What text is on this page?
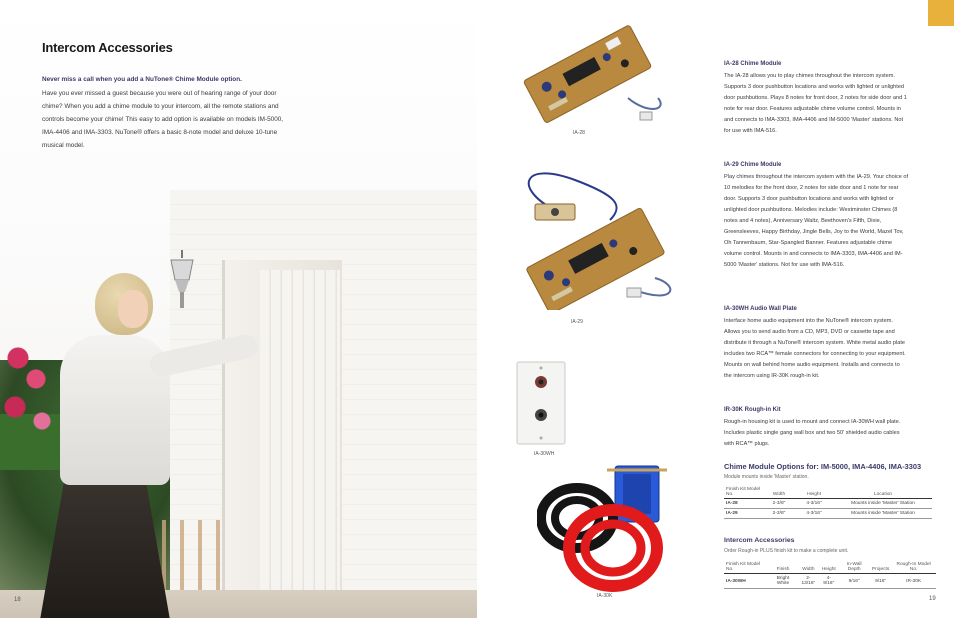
Intercom Accessories
Never miss a call when you add a NuTone® Chime Module option.

Have you ever missed a guest because you were out of hearing range of your door chime? When you add a chime module to your intercom, all the remote stations and controls become your chime! This easy to add option is available on models IM-5000, IMA-4406 and IMA-3303. NuTone® offers a basic 8-note model and deluxe 10-tune musical model.

18
IA-28
IA-29
IA-30WH
IA-30K
IA-28 Chime Module

The IA-28 allows you to play chimes throughout the intercom system. Supports 3 door pushbutton locations and works with lighted or unlighted door pushbuttons. Plays 8 notes for front door, 2 notes for side door and 1 note for rear door. Features adjustable chime volume control. Mounts in and connects to IMA-3303, IMA-4406 and IM-5000 'Master' stations. Not for use with IMA-516.

IA-29 Chime Module

Play chimes throughout the intercom system with the IA-29. Your choice of 10 melodies for the front door, 2 notes for side door and 1 note for rear door. Supports 3 door pushbutton locations and works with lighted or unlighted door pushbuttons. Melodies include: Westminster Chimes (8 notes and 4 notes), Anniversary Waltz, Beethoven's Fifth, Dixie, Greensleeves, Happy Birthday, Jingle Bells, Joy to the World, Mazel Tov, Oh Tannenbaum, Star-Spangled Banner. Features adjustable chime volume control. Mounts in and connects to IMA-3303, IMA-4406 and IM-5000 'Master' stations. Not for use with IMA-516.

IA-30WH Audio Wall Plate

Interface home audio equipment into the NuTone® intercom system. Allows you to send audio from a CD, MP3, DVD or cassette tape and distribute it through a NuTone® intercom system. White metal audio plate includes two RCA™ female connectors for connecting to your equipment. Mounts on wall behind home audio equipment. Installs and connects to the intercom using IR-30K rough-in kit.

IR-30K Rough-in Kit

Rough-in housing kit is used to mount and connect IA-30WH wall plate. Includes plastic single gang wall box and two 50' shielded audio cables with RCA™ plugs.

Chime Module Options for: IM-5000, IMA-4406, IMA-3303
Module mounts inside 'Master' station.
Finish Kit Model No.	Width	Height	Location
IA-28	2-3/8"	4-3/16"	Mounts inside 'Master' Station
IA-29	2-3/8"	4-3/16"	Mounts inside 'Master' Station
Intercom Accessories
Order Rough-in PLUS finish kit to make a complete unit.
Finish Kit Model No.	Finish	Width	Height	In-Wall Depth	Projects	Rough-In Model No.
IA-30WH	Bright White	2-13/16"	4-9/16"	9/16"	9/16"	IR-30K
19
